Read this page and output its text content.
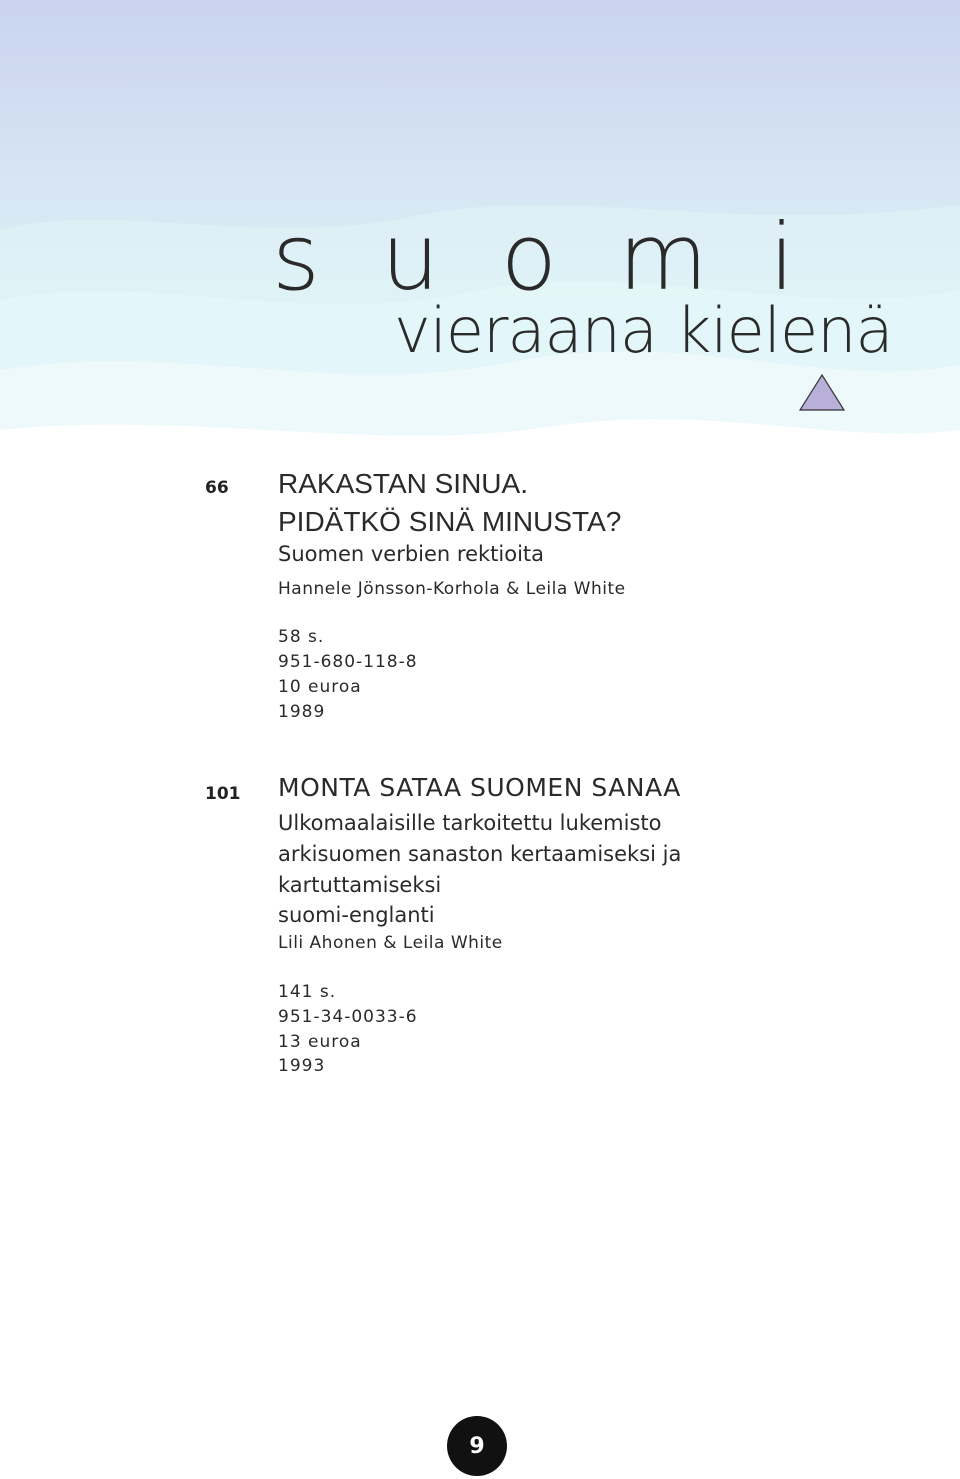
s u o m i
vieraana kielenä
66 RAKASTAN SINUA.
PIDÄTKÖ SINÄ MINUSTA?
Suomen verbien rektioita
Hannele Jönsson-Korhola & Leila White
58 s.
951-680-118-8
10 euroa
1989
101 MONTA SATAA SUOMEN SANAA
Ulkomaalaisille tarkoitettu lukemisto
arkisuomen sanaston kertaamiseksi ja
kartuttamiseksi
suomi-englanti
Lili Ahonen & Leila White
141 s.
951-34-0033-6
13 euroa
1993
9
